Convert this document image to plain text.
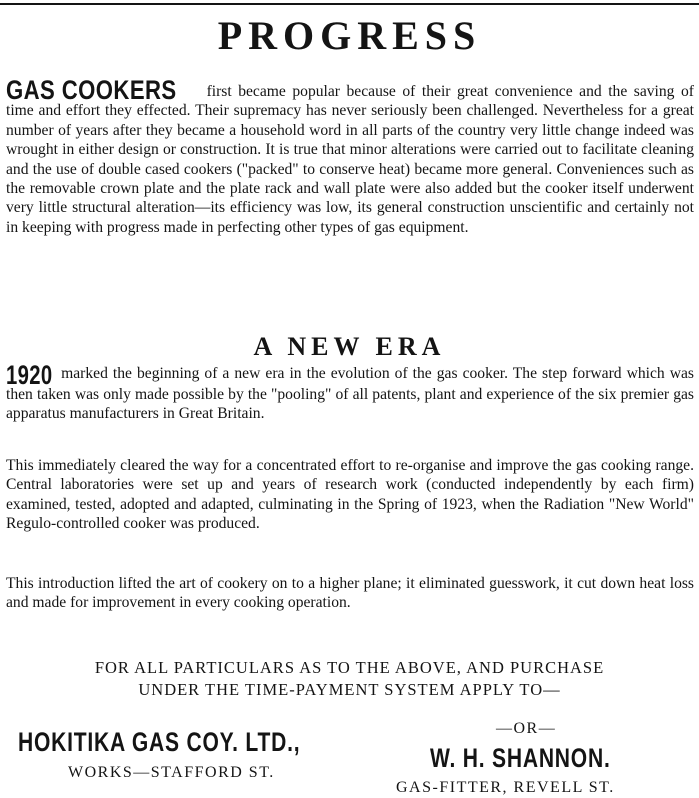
PROGRESS

GAS COOKERS first became popular because of their great convenience and the saving of time and effort they effected. Their supremacy has never seriously been challenged. Nevertheless for a great number of years after they became a household word in all parts of the country very little change indeed was wrought in either design or construction. It is true that minor alterations were carried out to facilitate cleaning and the use of double cased cookers ("packed" to conserve heat) became more general. Conveniences such as the removable crown plate and the plate rack and wall plate were also added but the cooker itself underwent very little structural alteration—its efficiency was low, its general construction unscientific and certainly not in keeping with progress made in perfecting other types of gas equipment.

A NEW ERA

1920 marked the beginning of a new era in the evolution of the gas cooker. The step forward which was then taken was only made possible by the "pooling" of all patents, plant and experience of the six premier gas apparatus manufacturers in Great Britain.

This immediately cleared the way for a concentrated effort to re-organise and improve the gas cooking range. Central laboratories were set up and years of research work (conducted independently by each firm) examined, tested, adopted and adapted, culminating in the Spring of 1923, when the Radiation "New World" Regulo-controlled cooker was produced.

This introduction lifted the art of cookery on to a higher plane; it eliminated guesswork, it cut down heat loss and made for improvement in every cooking operation.

FOR ALL PARTICULARS AS TO THE ABOVE, AND PURCHASE
UNDER THE TIME-PAYMENT SYSTEM APPLY TO—
HOKITIKA GAS COY. LTD.,
WORKS—STAFFORD ST.
—OR—
W. H. SHANNON.
GAS-FITTER, REVELL ST.
